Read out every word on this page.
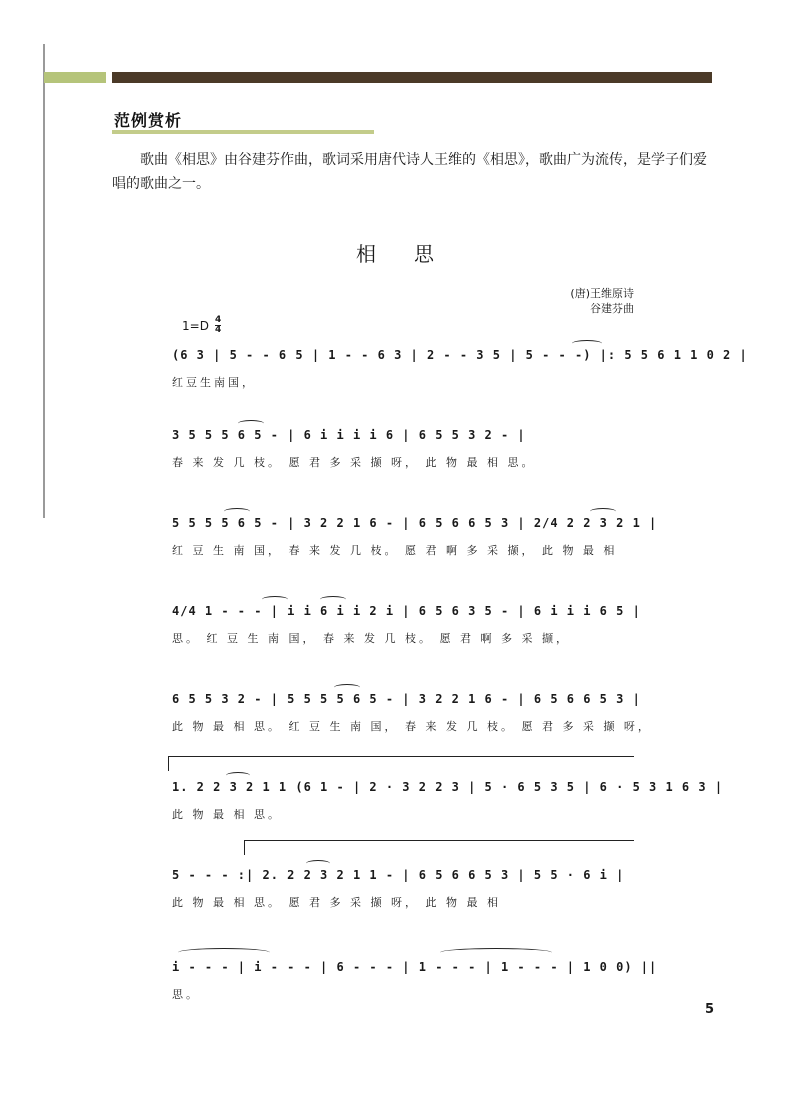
范例赏析

歌曲《相思》由谷建芬作曲，歌词采用唐代诗人王维的《相思》，歌曲广为流传，是学子们爱唱的歌曲之一。

相思
(唐)王维原诗
谷建芬曲
$1=D \frac{4}{4}$
(6 3 | 5 - - 6 5 | 1 - - 6 3 | 2 - - 3 5 | 5 - - -) |: 5 5 6 1 1 0 2 |
红豆生南国，
3 5 5 5 6 5 - | 6 i i i i 6 | 6 5 5 3 2 - |
春 来 发 几 枝。 愿 君 多 采 撷 呀， 此 物 最 相 思。
5 5 5 5 6 5 - | 3 2 2 1 6 - | 6 5 6 6 5 3 | 2/4 2 2 3 2 1 |
红 豆 生 南 国， 春 来 发 几 枝。 愿 君 啊 多 采 撷， 此 物 最 相
4/4 1 - - - | i i 6 i i 2 i | 6 5 6 3 5 - | 6 i i i 6 5 |
思。 红 豆 生 南 国， 春 来 发 几 枝。 愿 君 啊 多 采 撷，
6 5 5 3 2 - | 5 5 5 5 6 5 - | 3 2 2 1 6 - | 6 5 6 6 5 3 |
此 物 最 相 思。 红 豆 生 南 国， 春 来 发 几 枝。 愿 君 多 采 撷 呀，
1. 2 2 3 2 1 1 (6 1 - | 2 · 3 2 2 3 | 5 · 6 5 3 5 | 6 · 5 3 1 6 3 |
此 物 最 相 思。
5 - - - :| 2. 2 2 3 2 1 1 - | 6 5 6 6 5 3 | 5 5 · 6 i |
此 物 最 相 思。 愿 君 多 采 撷 呀， 此 物 最 相
i - - - | i - - - | 6 - - - | 1 - - - | 1 - - - | 1 0 0) ||
思。
5
